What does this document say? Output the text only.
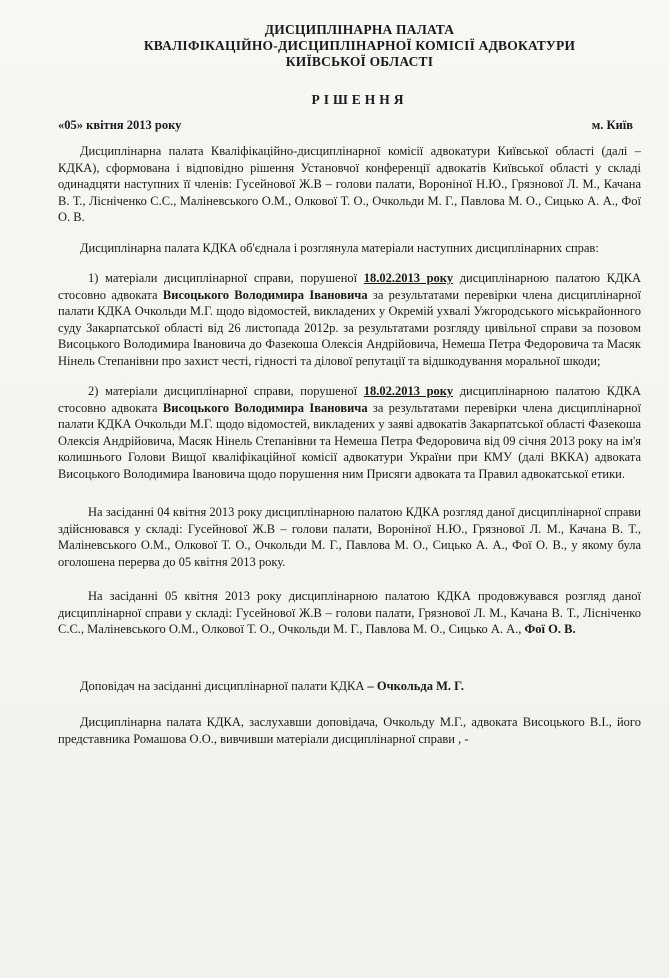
ДИСЦИПЛІНАРНА ПАЛАТА
КВАЛІФІКАЦІЙНО-ДИСЦИПЛІНАРНОЇ КОМІСІЇ АДВОКАТУРИ
КИЇВСЬКОЇ ОБЛАСТІ
РІШЕННЯ
«05» квітня 2013 року	м. Київ

Дисциплінарна палата Кваліфікаційно-дисциплінарної комісії адвокатури Київської області (далі – КДКА), сформована і відповідно рішення Установчої конференції адвокатів Київської області у складі одинадцяти наступних її членів: Гусейнової Ж.В – голови палати, Вороніної Н.Ю., Грязнової Л. М., Качана В. Т., Лісніченко С.С., Маліневського О.М., Олкової Т. О., Очкольди М. Г., Павлова М. О., Сицько А. А., Фої О. В.

Дисциплінарна палата КДКА об'єднала і розглянула матеріали наступних дисциплінарних справ:

1) матеріали дисциплінарної справи, порушеної 18.02.2013 року дисциплінарною палатою КДКА стосовно адвоката Висоцького Володимира Івановича за результатами перевірки члена дисциплінарної палати КДКА Очкольди М.Г. щодо відомостей, викладених у Окремій ухвалі Ужгородського міськрайонного суду Закарпатської області від 26 листопада 2012р. за результатами розгляду цивільної справи за позовом Висоцького Володимира Івановича до Фазекоша Олексія Андрійовича, Немеша Петра Федоровича та Масяк Нінель Степанівни про захист честі, гідності та ділової репутації та відшкодування моральної шкоди;

2) матеріали дисциплінарної справи, порушеної 18.02.2013 року дисциплінарною палатою КДКА стосовно адвоката Висоцького Володимира Івановича за результатами перевірки члена дисциплінарної палати КДКА Очкольди М.Г. щодо відомостей, викладених у заяві адвокатів Закарпатської області Фазекоша Олексія Андрійовича, Масяк Нінель Степанівни та Немеша Петра Федоровича від 09 січня 2013 року на ім'я колишнього Голови Вищої кваліфікаційної комісії адвокатури України при КМУ (далі ВККА) адвоката Висоцького Володимира Івановича щодо порушення ним Присяги адвоката та Правил адвокатської етики.

На засіданні 04 квітня 2013 року дисциплінарною палатою КДКА розгляд даної дисциплінарної справи здійснювався у складі: Гусейнової Ж.В – голови палати, Вороніної Н.Ю., Грязнової Л. М., Качана В. Т., Маліневського О.М., Олкової Т. О., Очкольди М. Г., Павлова М. О., Сицько А. А., Фої О. В., у якому була оголошена перерва до 05 квітня 2013 року.

На засіданні 05 квітня 2013 року дисциплінарною палатою КДКА продовжувався розгляд даної дисциплінарної справи у складі: Гусейнової Ж.В – голови палати, Грязнової Л. М., Качана В. Т., Лісніченко С.С., Маліневського О.М., Олкової Т. О., Очкольди М. Г., Павлова М. О., Сицько А. А., Фої О. В.

Доповідач на засіданні дисциплінарної палати КДКА – Очкольда М. Г.

Дисциплінарна палата КДКА, заслухавши доповідача, Очкольду М.Г., адвоката Висоцького В.І., його представника Ромашова О.О., вивчивши матеріали дисциплінарної справи , -
